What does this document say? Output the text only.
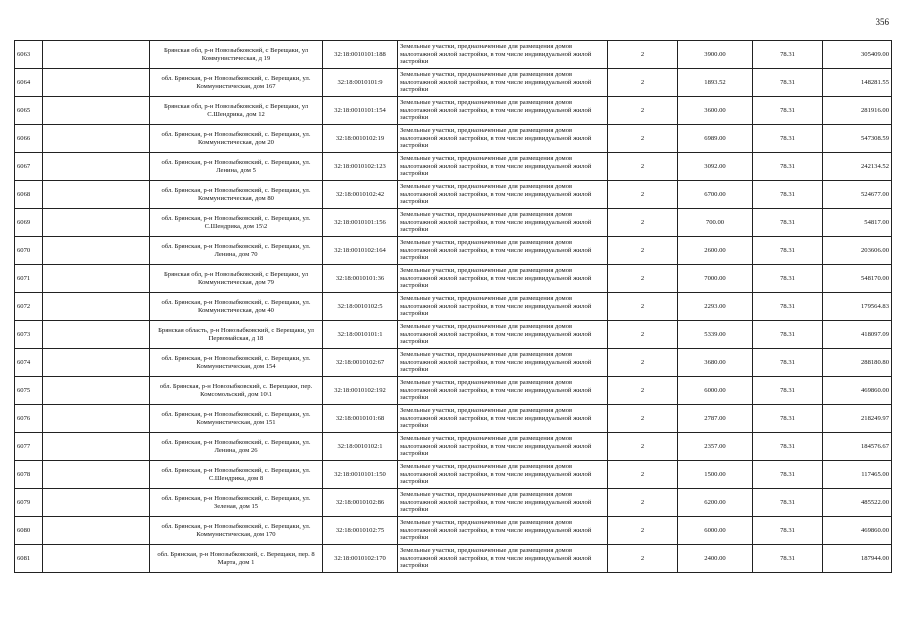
356
6063		Брянская обл, р-н Новозыбковский, с Верещаки, ул Коммунистическая, д 19	32:18:0010101:188	Земельные участки, предназначенные для размещения домов малоэтажной жилой застройки, в том числе индивидуальной жилой застройки	2	3900.00	78.31	305409.00
6064		обл. Брянская, р-н Новозыбковский, с. Верещаки, ул. Коммунистическая, дом 167	32:18:0010101:9	Земельные участки, предназначенные для размещения домов малоэтажной жилой застройки, в том числе индивидуальной жилой застройки	2	1893.52	78.31	148281.55
6065		Брянская обл, р-н Новозыбковский, с Верещаки, ул С.Шендрика, дом 12	32:18:0010101:154	Земельные участки, предназначенные для размещения домов малоэтажной жилой застройки, в том числе индивидуальной жилой застройки	2	3600.00	78.31	281916.00
6066		обл. Брянская, р-н Новозыбковский, с. Верещаки, ул. Коммунистическая, дом 20	32:18:0010102:19	Земельные участки, предназначенные для размещения домов малоэтажной жилой застройки, в том числе индивидуальной жилой застройки	2	6989.00	78.31	547308.59
6067		обл. Брянская, р-н Новозыбковский, с. Верещаки, ул. Ленина, дом 5	32:18:0010102:123	Земельные участки, предназначенные для размещения домов малоэтажной жилой застройки, в том числе индивидуальной жилой застройки	2	3092.00	78.31	242134.52
6068		обл. Брянская, р-н Новозыбковский, с. Верещаки, ул. Коммунистическая, дом 80	32:18:0010102:42	Земельные участки, предназначенные для размещения домов малоэтажной жилой застройки, в том числе индивидуальной жилой застройки	2	6700.00	78.31	524677.00
6069		обл. Брянская, р-н Новозыбковский, с. Верещаки, ул. С.Шендрика, дом 15\2	32:18:0010101:156	Земельные участки, предназначенные для размещения домов малоэтажной жилой застройки, в том числе индивидуальной жилой застройки	2	700.00	78.31	54817.00
6070		обл. Брянская, р-н Новозыбковский, с. Верещаки, ул. Ленина, дом 70	32:18:0010102:164	Земельные участки, предназначенные для размещения домов малоэтажной жилой застройки, в том числе индивидуальной жилой застройки	2	2600.00	78.31	203606.00
6071		Брянская обл, р-н Новозыбковский, с Верещаки, ул Коммунистическая, дом 79	32:18:0010101:36	Земельные участки, предназначенные для размещения домов малоэтажной жилой застройки, в том числе индивидуальной жилой застройки	2	7000.00	78.31	548170.00
6072		обл. Брянская, р-н Новозыбковский, с. Верещаки, ул. Коммунистическая, дом 40	32:18:0010102:5	Земельные участки, предназначенные для размещения домов малоэтажной жилой застройки, в том числе индивидуальной жилой застройки	2	2293.00	78.31	179564.83
6073		Брянская область, р-н Новозыбковский, с Верещаки, ул Первомайская, д 18	32:18:0010101:1	Земельные участки, предназначенные для размещения домов малоэтажной жилой застройки, в том числе индивидуальной жилой застройки	2	5339.00	78.31	418097.09
6074		обл. Брянская, р-н Новозыбковский, с. Верещаки, ул. Коммунистическая, дом 154	32:18:0010102:67	Земельные участки, предназначенные для размещения домов малоэтажной жилой застройки, в том числе индивидуальной жилой застройки	2	3680.00	78.31	288180.80
6075		обл. Брянская, р-н Новозыбковский, с. Верещаки, пер. Комсомольский, дом 10\1	32:18:0010102:192	Земельные участки, предназначенные для размещения домов малоэтажной жилой застройки, в том числе индивидуальной жилой застройки	2	6000.00	78.31	469860.00
6076		обл. Брянская, р-н Новозыбковский, с. Верещаки, ул. Коммунистическая, дом 151	32:18:0010101:68	Земельные участки, предназначенные для размещения домов малоэтажной жилой застройки, в том числе индивидуальной жилой застройки	2	2787.00	78.31	218249.97
6077		обл. Брянская, р-н Новозыбковский, с. Верещаки, ул. Ленина, дом 26	32:18:0010102:1	Земельные участки, предназначенные для размещения домов малоэтажной жилой застройки, в том числе индивидуальной жилой застройки	2	2357.00	78.31	184576.67
6078		обл. Брянская, р-н Новозыбковский, с. Верещаки, ул. С.Шендрика, дом 8	32:18:0010101:150	Земельные участки, предназначенные для размещения домов малоэтажной жилой застройки, в том числе индивидуальной жилой застройки	2	1500.00	78.31	117465.00
6079		обл. Брянская, р-н Новозыбковский, с. Верещаки, ул. Зеленая, дом 15	32:18:0010102:86	Земельные участки, предназначенные для размещения домов малоэтажной жилой застройки, в том числе индивидуальной жилой застройки	2	6200.00	78.31	485522.00
6080		обл. Брянская, р-н Новозыбковский, с. Верещаки, ул. Коммунистическая, дом 170	32:18:0010102:75	Земельные участки, предназначенные для размещения домов малоэтажной жилой застройки, в том числе индивидуальной жилой застройки	2	6000.00	78.31	469860.00
6081		обл. Брянская, р-н Новозыбковский, с. Верещаки, пер. 8 Марта, дом 1	32:18:0010102:170	Земельные участки, предназначенные для размещения домов малоэтажной жилой застройки, в том числе индивидуальной жилой застройки	2	2400.00	78.31	187944.00
